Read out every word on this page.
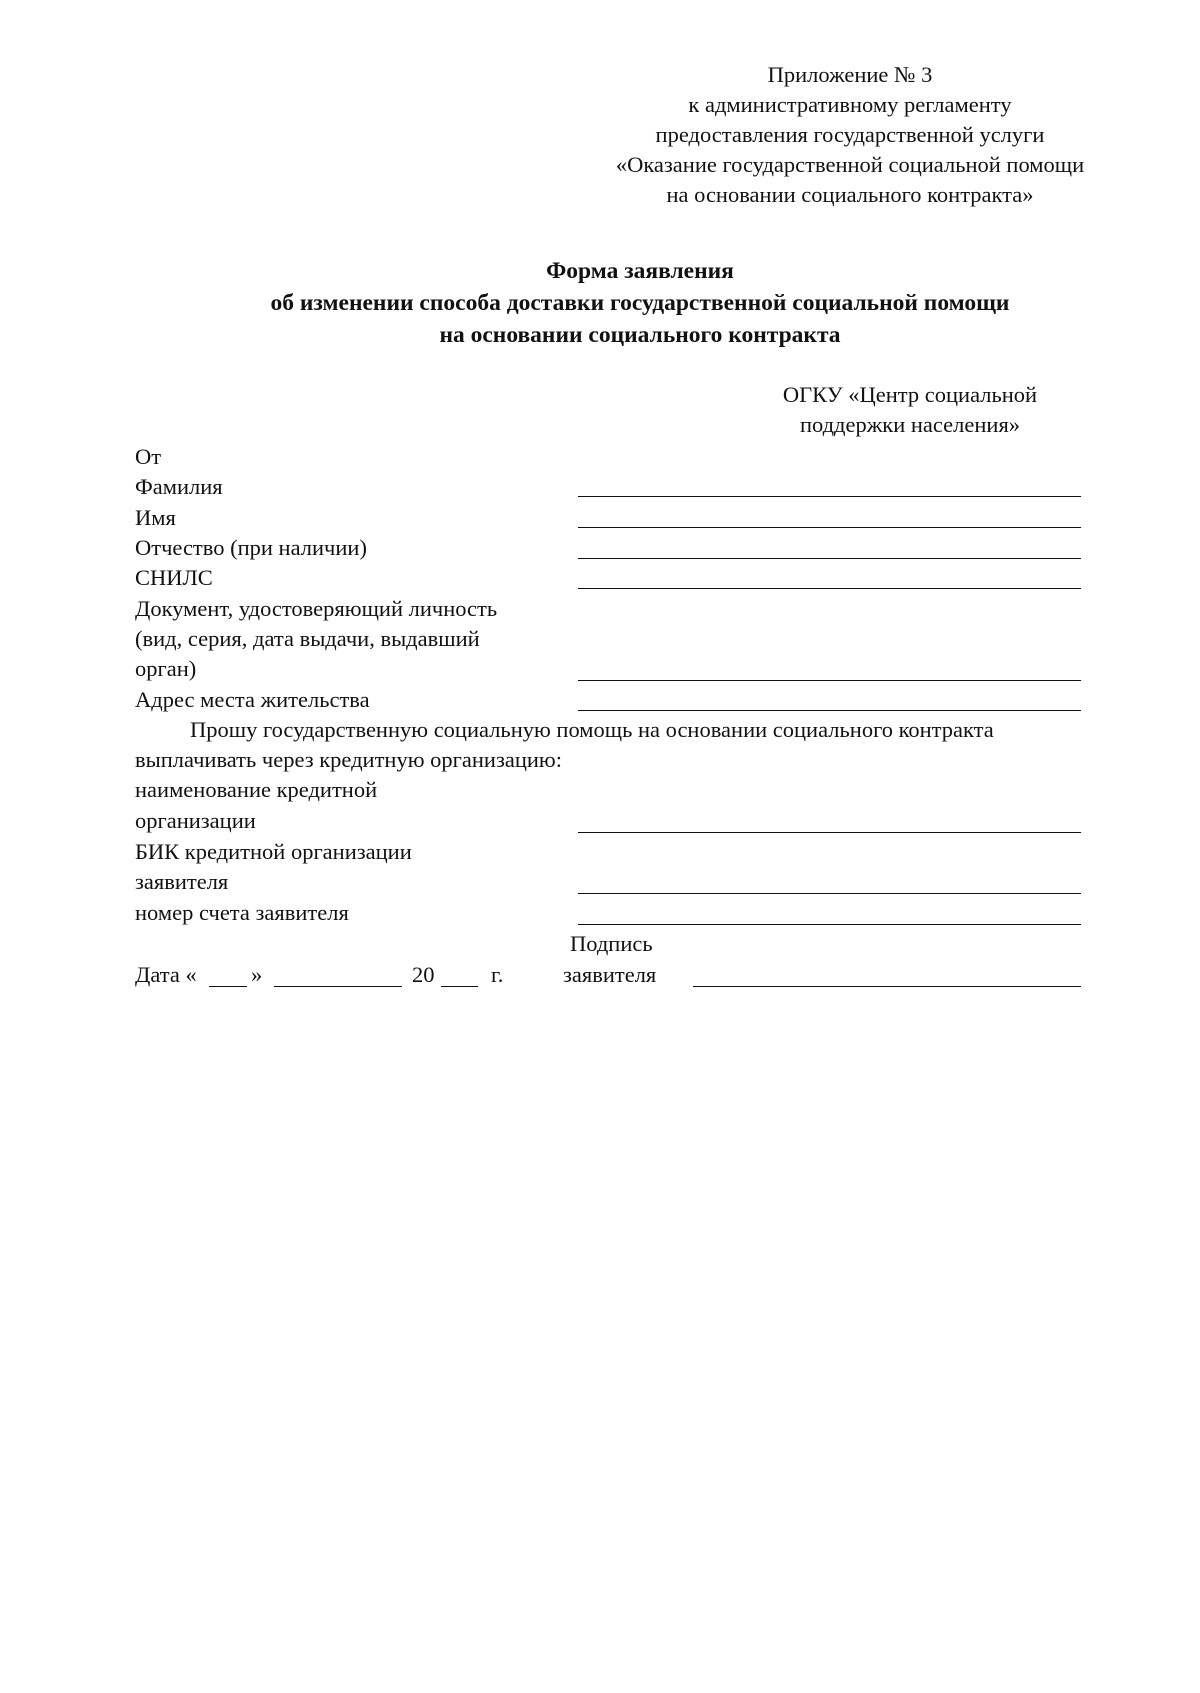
Приложение № 3
к административному регламенту
предоставления государственной услуги
«Оказание государственной социальной помощи
на основании социального контракта»
Форма заявления
об изменении способа доставки государственной социальной помощи
на основании социального контракта
ОГКУ «Центр социальной
поддержки населения»
От
Фамилия
Имя
Отчество (при наличии)
СНИЛС
Документ, удостоверяющий личность
(вид, серия, дата выдачи, выдавший
орган)
Адрес места жительства
Прошу государственную социальную помощь на основании социального контракта
выплачивать через кредитную организацию:
наименование кредитной
организации
БИК кредитной организации
заявителя
номер счета заявителя
Подпись
заявителя
Дата « »	20	г.
